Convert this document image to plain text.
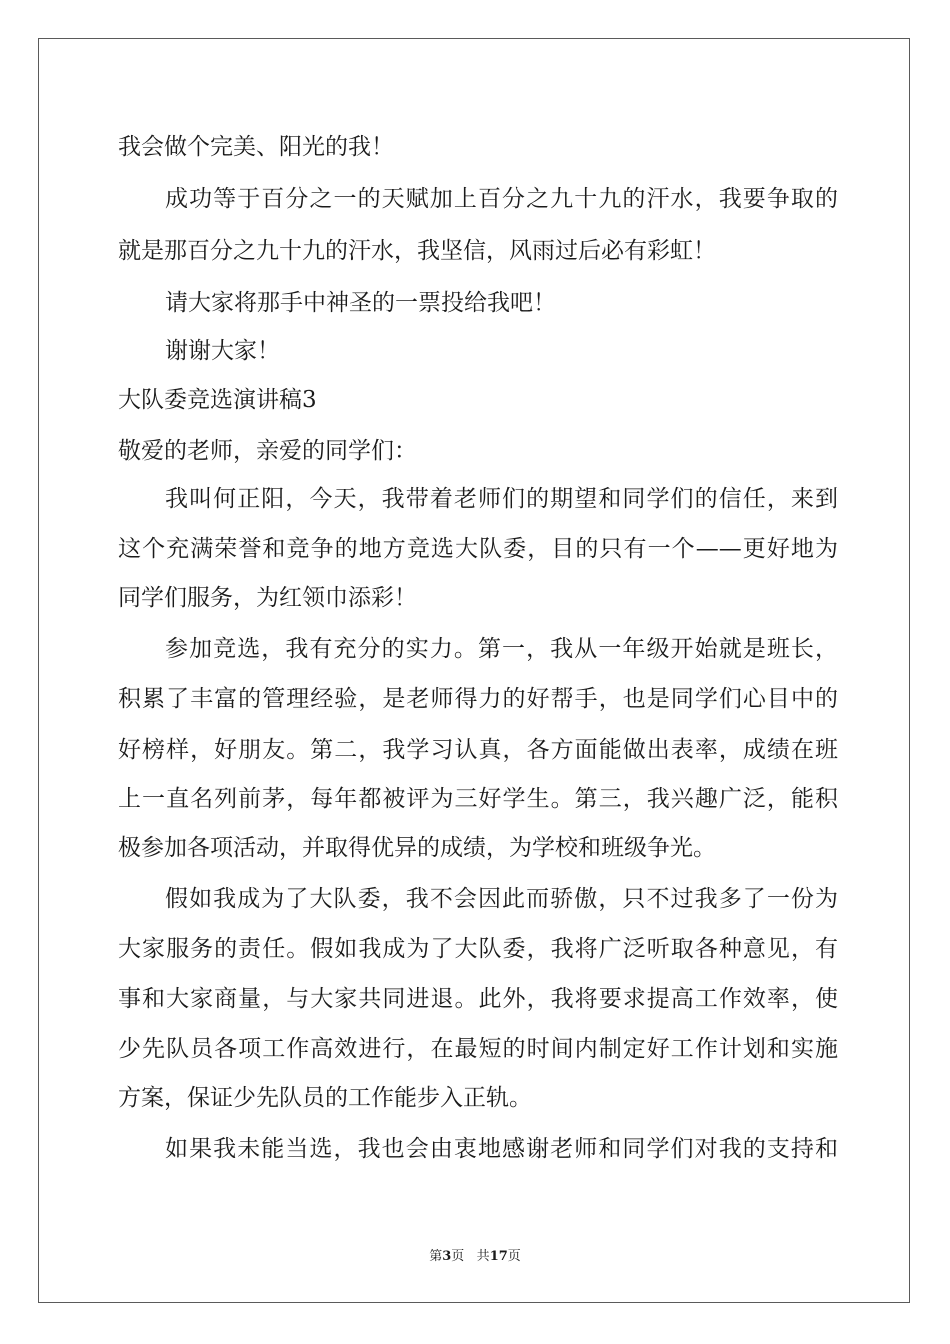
我会做个完美、阳光的我！
成功等于百分之一的天赋加上百分之九十九的汗水，我要争取的
就是那百分之九十九的汗水，我坚信，风雨过后必有彩虹！
请大家将那手中神圣的一票投给我吧！
谢谢大家！
大队委竞选演讲稿3
敬爱的老师，亲爱的同学们：
我叫何正阳，今天，我带着老师们的期望和同学们的信任，来到
这个充满荣誉和竞争的地方竞选大队委，目的只有一个——更好地为
同学们服务，为红领巾添彩！
参加竞选，我有充分的实力。第一，我从一年级开始就是班长，
积累了丰富的管理经验，是老师得力的好帮手，也是同学们心目中的
好榜样，好朋友。第二，我学习认真，各方面能做出表率，成绩在班
上一直名列前茅，每年都被评为三好学生。第三，我兴趣广泛，能积
极参加各项活动，并取得优异的成绩，为学校和班级争光。
假如我成为了大队委，我不会因此而骄傲，只不过我多了一份为
大家服务的责任。假如我成为了大队委，我将广泛听取各种意见，有
事和大家商量，与大家共同进退。此外，我将要求提高工作效率，使
少先队员各项工作高效进行，在最短的时间内制定好工作计划和实施
方案，保证少先队员的工作能步入正轨。
如果我未能当选，我也会由衷地感谢老师和同学们对我的支持和
第3页 共17页
